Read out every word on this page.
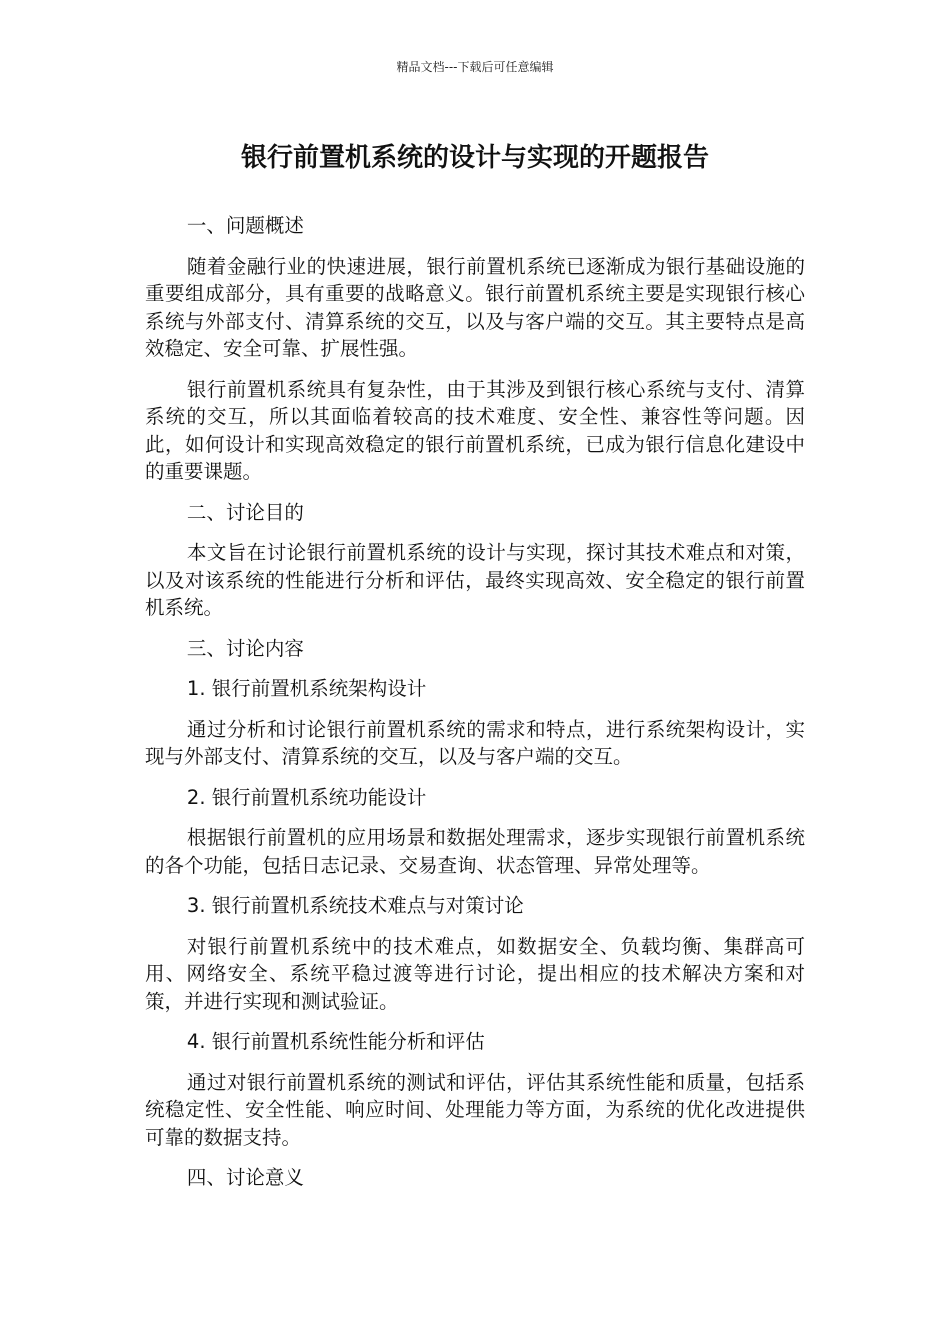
精品文档---下载后可任意编辑
银行前置机系统的设计与实现的开题报告

一、问题概述

随着金融行业的快速进展，银行前置机系统已逐渐成为银行基础设施的重要组成部分，具有重要的战略意义。银行前置机系统主要是实现银行核心系统与外部支付、清算系统的交互，以及与客户端的交互。其主要特点是高效稳定、安全可靠、扩展性强。

银行前置机系统具有复杂性，由于其涉及到银行核心系统与支付、清算系统的交互，所以其面临着较高的技术难度、安全性、兼容性等问题。因此，如何设计和实现高效稳定的银行前置机系统，已成为银行信息化建设中的重要课题。

二、讨论目的

本文旨在讨论银行前置机系统的设计与实现，探讨其技术难点和对策，以及对该系统的性能进行分析和评估，最终实现高效、安全稳定的银行前置机系统。

三、讨论内容

1. 银行前置机系统架构设计

通过分析和讨论银行前置机系统的需求和特点，进行系统架构设计，实现与外部支付、清算系统的交互，以及与客户端的交互。

2. 银行前置机系统功能设计

根据银行前置机的应用场景和数据处理需求，逐步实现银行前置机系统的各个功能，包括日志记录、交易查询、状态管理、异常处理等。

3. 银行前置机系统技术难点与对策讨论

对银行前置机系统中的技术难点，如数据安全、负载均衡、集群高可用、网络安全、系统平稳过渡等进行讨论，提出相应的技术解决方案和对策，并进行实现和测试验证。

4. 银行前置机系统性能分析和评估

通过对银行前置机系统的测试和评估，评估其系统性能和质量，包括系统稳定性、安全性能、响应时间、处理能力等方面，为系统的优化改进提供可靠的数据支持。

四、讨论意义
